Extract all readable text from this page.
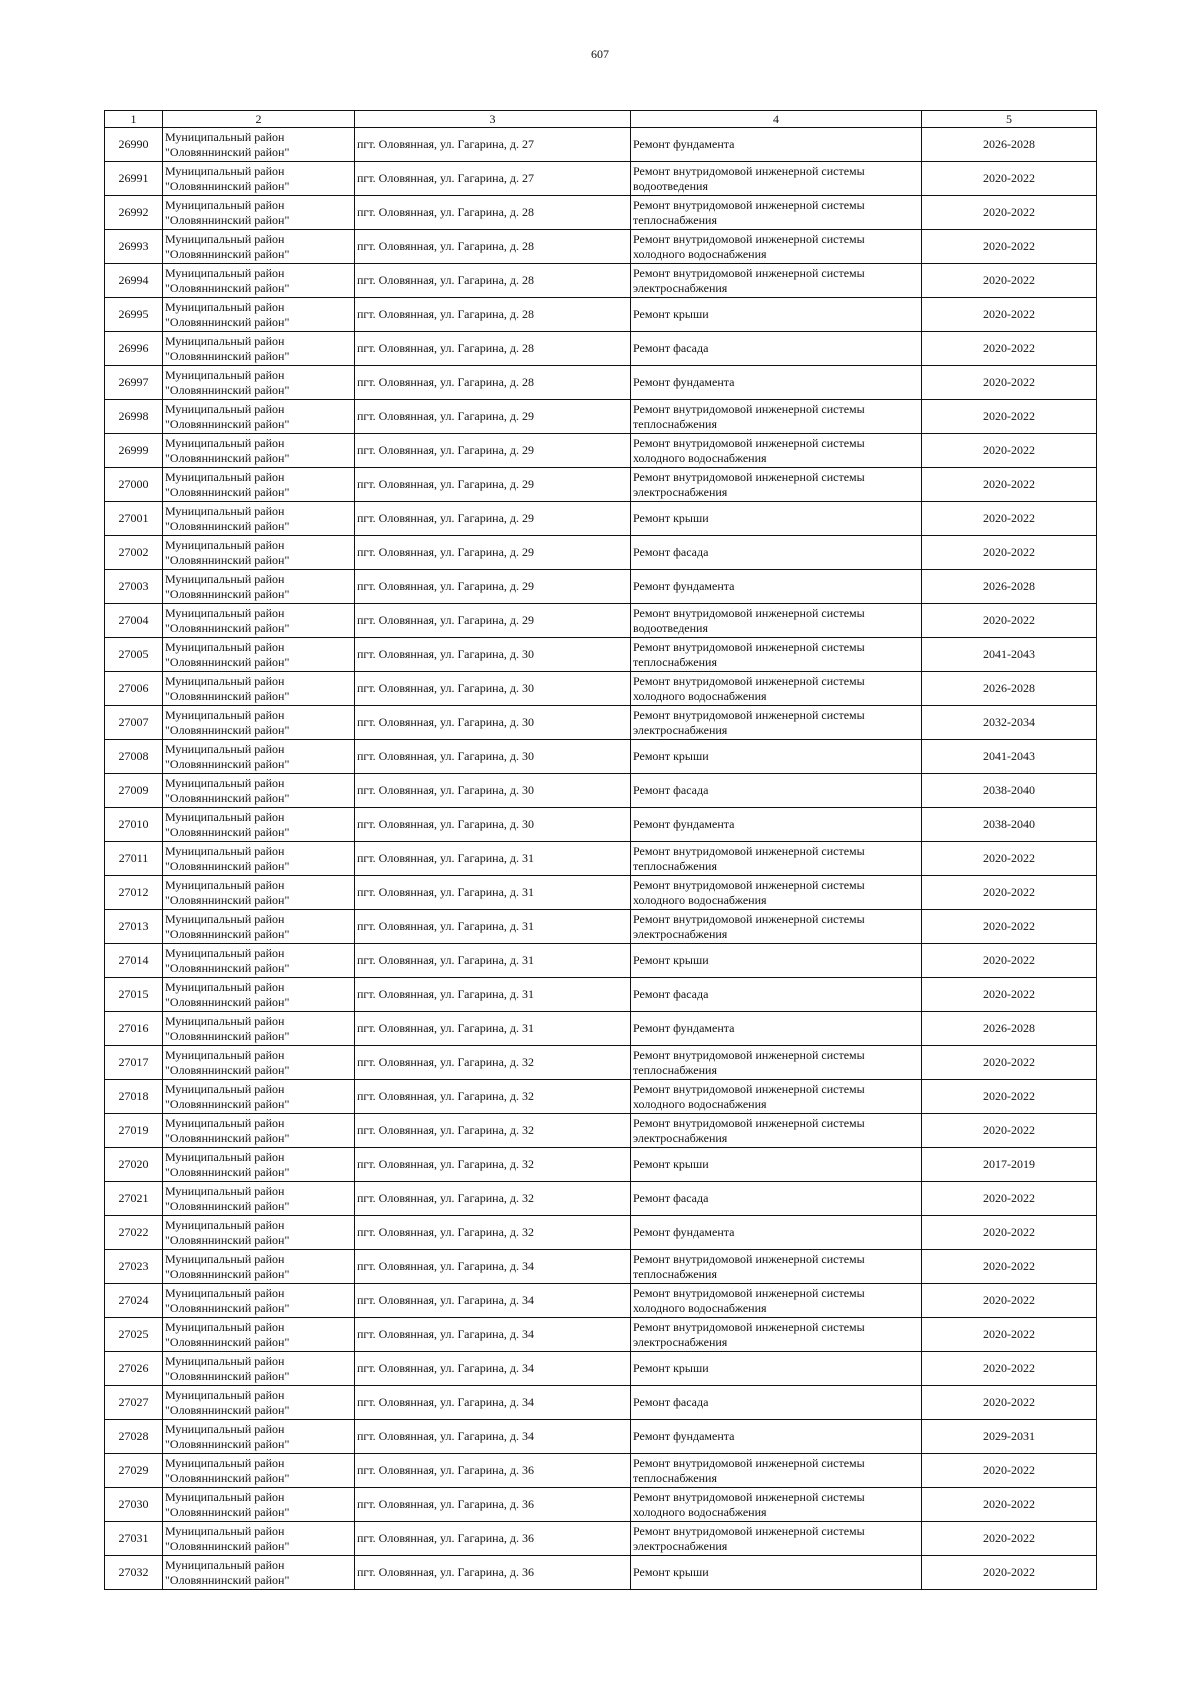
607
1	2	3	4	5
26990	Муниципальный район
"Оловяннинский район"	пгт. Оловянная, ул. Гагарина, д. 27	Ремонт фундамента	2026-2028
26991	Муниципальный район
"Оловяннинский район"	пгт. Оловянная, ул. Гагарина, д. 27	Ремонт внутридомовой инженерной системы
водоотведения	2020-2022
26992	Муниципальный район
"Оловяннинский район"	пгт. Оловянная, ул. Гагарина, д. 28	Ремонт внутридомовой инженерной системы
теплоснабжения	2020-2022
26993	Муниципальный район
"Оловяннинский район"	пгт. Оловянная, ул. Гагарина, д. 28	Ремонт внутридомовой инженерной системы
холодного водоснабжения	2020-2022
26994	Муниципальный район
"Оловяннинский район"	пгт. Оловянная, ул. Гагарина, д. 28	Ремонт внутридомовой инженерной системы
электроснабжения	2020-2022
26995	Муниципальный район
"Оловяннинский район"	пгт. Оловянная, ул. Гагарина, д. 28	Ремонт крыши	2020-2022
26996	Муниципальный район
"Оловяннинский район"	пгт. Оловянная, ул. Гагарина, д. 28	Ремонт фасада	2020-2022
26997	Муниципальный район
"Оловяннинский район"	пгт. Оловянная, ул. Гагарина, д. 28	Ремонт фундамента	2020-2022
26998	Муниципальный район
"Оловяннинский район"	пгт. Оловянная, ул. Гагарина, д. 29	Ремонт внутридомовой инженерной системы
теплоснабжения	2020-2022
26999	Муниципальный район
"Оловяннинский район"	пгт. Оловянная, ул. Гагарина, д. 29	Ремонт внутридомовой инженерной системы
холодного водоснабжения	2020-2022
27000	Муниципальный район
"Оловяннинский район"	пгт. Оловянная, ул. Гагарина, д. 29	Ремонт внутридомовой инженерной системы
электроснабжения	2020-2022
27001	Муниципальный район
"Оловяннинский район"	пгт. Оловянная, ул. Гагарина, д. 29	Ремонт крыши	2020-2022
27002	Муниципальный район
"Оловяннинский район"	пгт. Оловянная, ул. Гагарина, д. 29	Ремонт фасада	2020-2022
27003	Муниципальный район
"Оловяннинский район"	пгт. Оловянная, ул. Гагарина, д. 29	Ремонт фундамента	2026-2028
27004	Муниципальный район
"Оловяннинский район"	пгт. Оловянная, ул. Гагарина, д. 29	Ремонт внутридомовой инженерной системы
водоотведения	2020-2022
27005	Муниципальный район
"Оловяннинский район"	пгт. Оловянная, ул. Гагарина, д. 30	Ремонт внутридомовой инженерной системы
теплоснабжения	2041-2043
27006	Муниципальный район
"Оловяннинский район"	пгт. Оловянная, ул. Гагарина, д. 30	Ремонт внутридомовой инженерной системы
холодного водоснабжения	2026-2028
27007	Муниципальный район
"Оловяннинский район"	пгт. Оловянная, ул. Гагарина, д. 30	Ремонт внутридомовой инженерной системы
электроснабжения	2032-2034
27008	Муниципальный район
"Оловяннинский район"	пгт. Оловянная, ул. Гагарина, д. 30	Ремонт крыши	2041-2043
27009	Муниципальный район
"Оловяннинский район"	пгт. Оловянная, ул. Гагарина, д. 30	Ремонт фасада	2038-2040
27010	Муниципальный район
"Оловяннинский район"	пгт. Оловянная, ул. Гагарина, д. 30	Ремонт фундамента	2038-2040
27011	Муниципальный район
"Оловяннинский район"	пгт. Оловянная, ул. Гагарина, д. 31	Ремонт внутридомовой инженерной системы
теплоснабжения	2020-2022
27012	Муниципальный район
"Оловяннинский район"	пгт. Оловянная, ул. Гагарина, д. 31	Ремонт внутридомовой инженерной системы
холодного водоснабжения	2020-2022
27013	Муниципальный район
"Оловяннинский район"	пгт. Оловянная, ул. Гагарина, д. 31	Ремонт внутридомовой инженерной системы
электроснабжения	2020-2022
27014	Муниципальный район
"Оловяннинский район"	пгт. Оловянная, ул. Гагарина, д. 31	Ремонт крыши	2020-2022
27015	Муниципальный район
"Оловяннинский район"	пгт. Оловянная, ул. Гагарина, д. 31	Ремонт фасада	2020-2022
27016	Муниципальный район
"Оловяннинский район"	пгт. Оловянная, ул. Гагарина, д. 31	Ремонт фундамента	2026-2028
27017	Муниципальный район
"Оловяннинский район"	пгт. Оловянная, ул. Гагарина, д. 32	Ремонт внутридомовой инженерной системы
теплоснабжения	2020-2022
27018	Муниципальный район
"Оловяннинский район"	пгт. Оловянная, ул. Гагарина, д. 32	Ремонт внутридомовой инженерной системы
холодного водоснабжения	2020-2022
27019	Муниципальный район
"Оловяннинский район"	пгт. Оловянная, ул. Гагарина, д. 32	Ремонт внутридомовой инженерной системы
электроснабжения	2020-2022
27020	Муниципальный район
"Оловяннинский район"	пгт. Оловянная, ул. Гагарина, д. 32	Ремонт крыши	2017-2019
27021	Муниципальный район
"Оловяннинский район"	пгт. Оловянная, ул. Гагарина, д. 32	Ремонт фасада	2020-2022
27022	Муниципальный район
"Оловяннинский район"	пгт. Оловянная, ул. Гагарина, д. 32	Ремонт фундамента	2020-2022
27023	Муниципальный район
"Оловяннинский район"	пгт. Оловянная, ул. Гагарина, д. 34	Ремонт внутридомовой инженерной системы
теплоснабжения	2020-2022
27024	Муниципальный район
"Оловяннинский район"	пгт. Оловянная, ул. Гагарина, д. 34	Ремонт внутридомовой инженерной системы
холодного водоснабжения	2020-2022
27025	Муниципальный район
"Оловяннинский район"	пгт. Оловянная, ул. Гагарина, д. 34	Ремонт внутридомовой инженерной системы
электроснабжения	2020-2022
27026	Муниципальный район
"Оловяннинский район"	пгт. Оловянная, ул. Гагарина, д. 34	Ремонт крыши	2020-2022
27027	Муниципальный район
"Оловяннинский район"	пгт. Оловянная, ул. Гагарина, д. 34	Ремонт фасада	2020-2022
27028	Муниципальный район
"Оловяннинский район"	пгт. Оловянная, ул. Гагарина, д. 34	Ремонт фундамента	2029-2031
27029	Муниципальный район
"Оловяннинский район"	пгт. Оловянная, ул. Гагарина, д. 36	Ремонт внутридомовой инженерной системы
теплоснабжения	2020-2022
27030	Муниципальный район
"Оловяннинский район"	пгт. Оловянная, ул. Гагарина, д. 36	Ремонт внутридомовой инженерной системы
холодного водоснабжения	2020-2022
27031	Муниципальный район
"Оловяннинский район"	пгт. Оловянная, ул. Гагарина, д. 36	Ремонт внутридомовой инженерной системы
электроснабжения	2020-2022
27032	Муниципальный район
"Оловяннинский район"	пгт. Оловянная, ул. Гагарина, д. 36	Ремонт крыши	2020-2022
